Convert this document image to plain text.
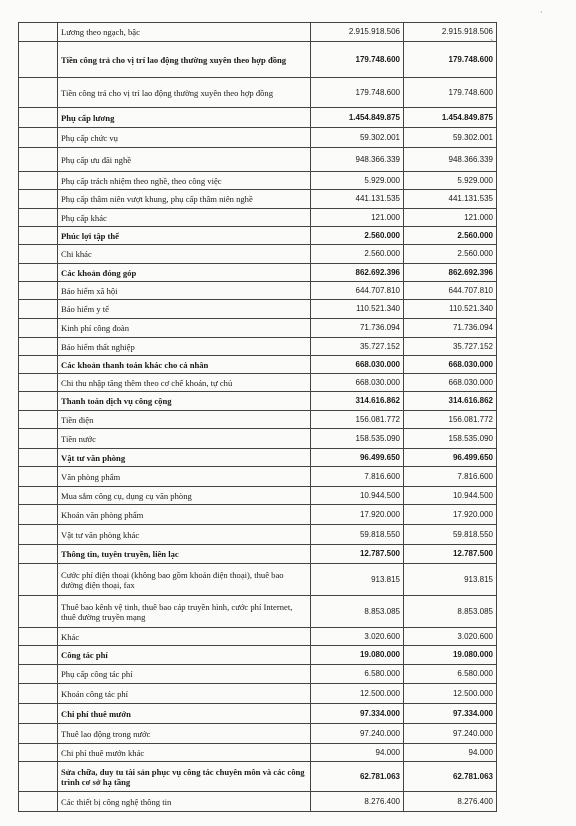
	Lương theo ngạch, bậc	2.915.918.506	2.915.918.506	
	Tiền công trả cho vị trí lao động thường xuyên theo hợp đồng	179.748.600	179.748.600	
	Tiền công trả cho vị trí lao động thường xuyên theo hợp đồng	179.748.600	179.748.600	
	Phụ cấp lương	1.454.849.875	1.454.849.875	
	Phụ cấp chức vụ	59.302.001	59.302.001	
	Phụ cấp ưu đãi nghề	948.366.339	948.366.339	
	Phụ cấp trách nhiệm theo nghề, theo công việc	5.929.000	5.929.000	
	Phụ cấp thâm niên vượt khung, phụ cấp thâm niên nghề	441.131.535	441.131.535	
	Phụ cấp khác	121.000	121.000	
	Phúc lợi tập thể	2.560.000	2.560.000	
	Chi khác	2.560.000	2.560.000	
	Các khoản đóng góp	862.692.396	862.692.396	
	Bảo hiểm xã hội	644.707.810	644.707.810	
	Bảo hiểm y tế	110.521.340	110.521.340	
	Kinh phí công đoàn	71.736.094	71.736.094	
	Bảo hiểm thất nghiệp	35.727.152	35.727.152	
	Các khoản thanh toán khác cho cá nhân	668.030.000	668.030.000	
	Chi thu nhập tăng thêm theo cơ chế khoán, tự chủ	668.030.000	668.030.000	
	Thanh toán dịch vụ công cộng	314.616.862	314.616.862	
	Tiền điện	156.081.772	156.081.772	
	Tiền nước	158.535.090	158.535.090	
	Vật tư văn phòng	96.499.650	96.499.650	
	Văn phòng phẩm	7.816.600	7.816.600	
	Mua sắm công cụ, dụng cụ văn phòng	10.944.500	10.944.500	
	Khoán văn phòng phẩm	17.920.000	17.920.000	
	Vật tư văn phòng khác	59.818.550	59.818.550	
	Thông tin, tuyên truyền, liên lạc	12.787.500	12.787.500	
	Cước phí điện thoại (không bao gồm khoán điện thoại), thuê bao đường điện thoại, fax	913.815	913.815	
	Thuê bao kênh vệ tinh, thuê bao cáp truyền hình, cước phí Internet, thuê đường truyền mạng	8.853.085	8.853.085	
	Khác	3.020.600	3.020.600	
	Công tác phí	19.080.000	19.080.000	
	Phụ cấp công tác phí	6.580.000	6.580.000	
	Khoán công tác phí	12.500.000	12.500.000	
	Chi phí thuê mướn	97.334.000	97.334.000	
	Thuê lao động trong nước	97.240.000	97.240.000	
	Chi phí thuê mướn khác	94.000	94.000	
	Sửa chữa, duy tu tài sản phục vụ công tác chuyên môn và các công trình cơ sở hạ tầng	62.781.063	62.781.063	
	Các thiết bị công nghệ thông tin	8.276.400	8.276.400	
·
›
